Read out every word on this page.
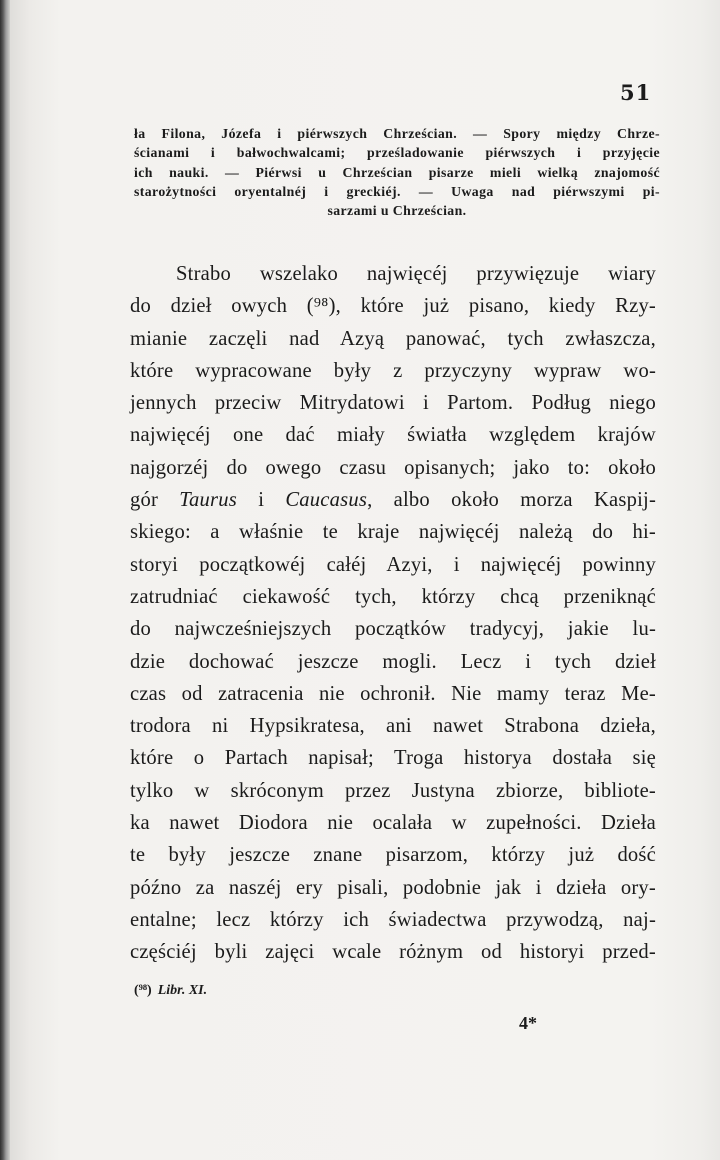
51
ła Filona, Józefa i piérwszych Chrześcian. — Spory między Chrze-
ścianami i bałwochwalcami; prześladowanie piérwszych i przyjęcie
ich nauki. — Piérwsi u Chrześcian pisarze mieli wielką znajomość
starożytności oryentalnéj i greckiéj. — Uwaga nad piérwszymi pi-
sarzami u Chrześcian.
Strabo wszelako najwięcéj przywięzuje wiary
do dzieł owych (⁹⁸), które już pisano, kiedy Rzy-
mianie zaczęli nad Azyą panować, tych zwłaszcza,
które wypracowane były z przyczyny wypraw wo-
jennych przeciw Mitrydatowi i Partom. Podług niego
najwięcéj one dać miały światła względem krajów
najgorzéj do owego czasu opisanych; jako to: około
gór Taurus i Caucasus, albo około morza Kaspij-
skiego: a właśnie te kraje najwięcéj należą do hi-
storyi początkowéj całéj Azyi, i najwięcéj powinny
zatrudniać ciekawość tych, którzy chcą przeniknąć
do najwcześniejszych początków tradycyj, jakie lu-
dzie dochować jeszcze mogli. Lecz i tych dzieł
czas od zatracenia nie ochronił. Nie mamy teraz Me-
trodora ni Hypsikratesa, ani nawet Strabona dzieła,
które o Partach napisał; Troga historya dostała się
tylko w skróconym przez Justyna zbiorze, bibliote-
ka nawet Diodora nie ocalała w zupełności. Dzieła
te były jeszcze znane pisarzom, którzy już dość
późno za naszéj ery pisali, podobnie jak i dzieła ory-
entalne; lecz którzy ich świadectwa przywodzą, naj-
częściéj byli zajęci wcale różnym od historyi przed-
(⁹⁸) Libr. XI.
4*
